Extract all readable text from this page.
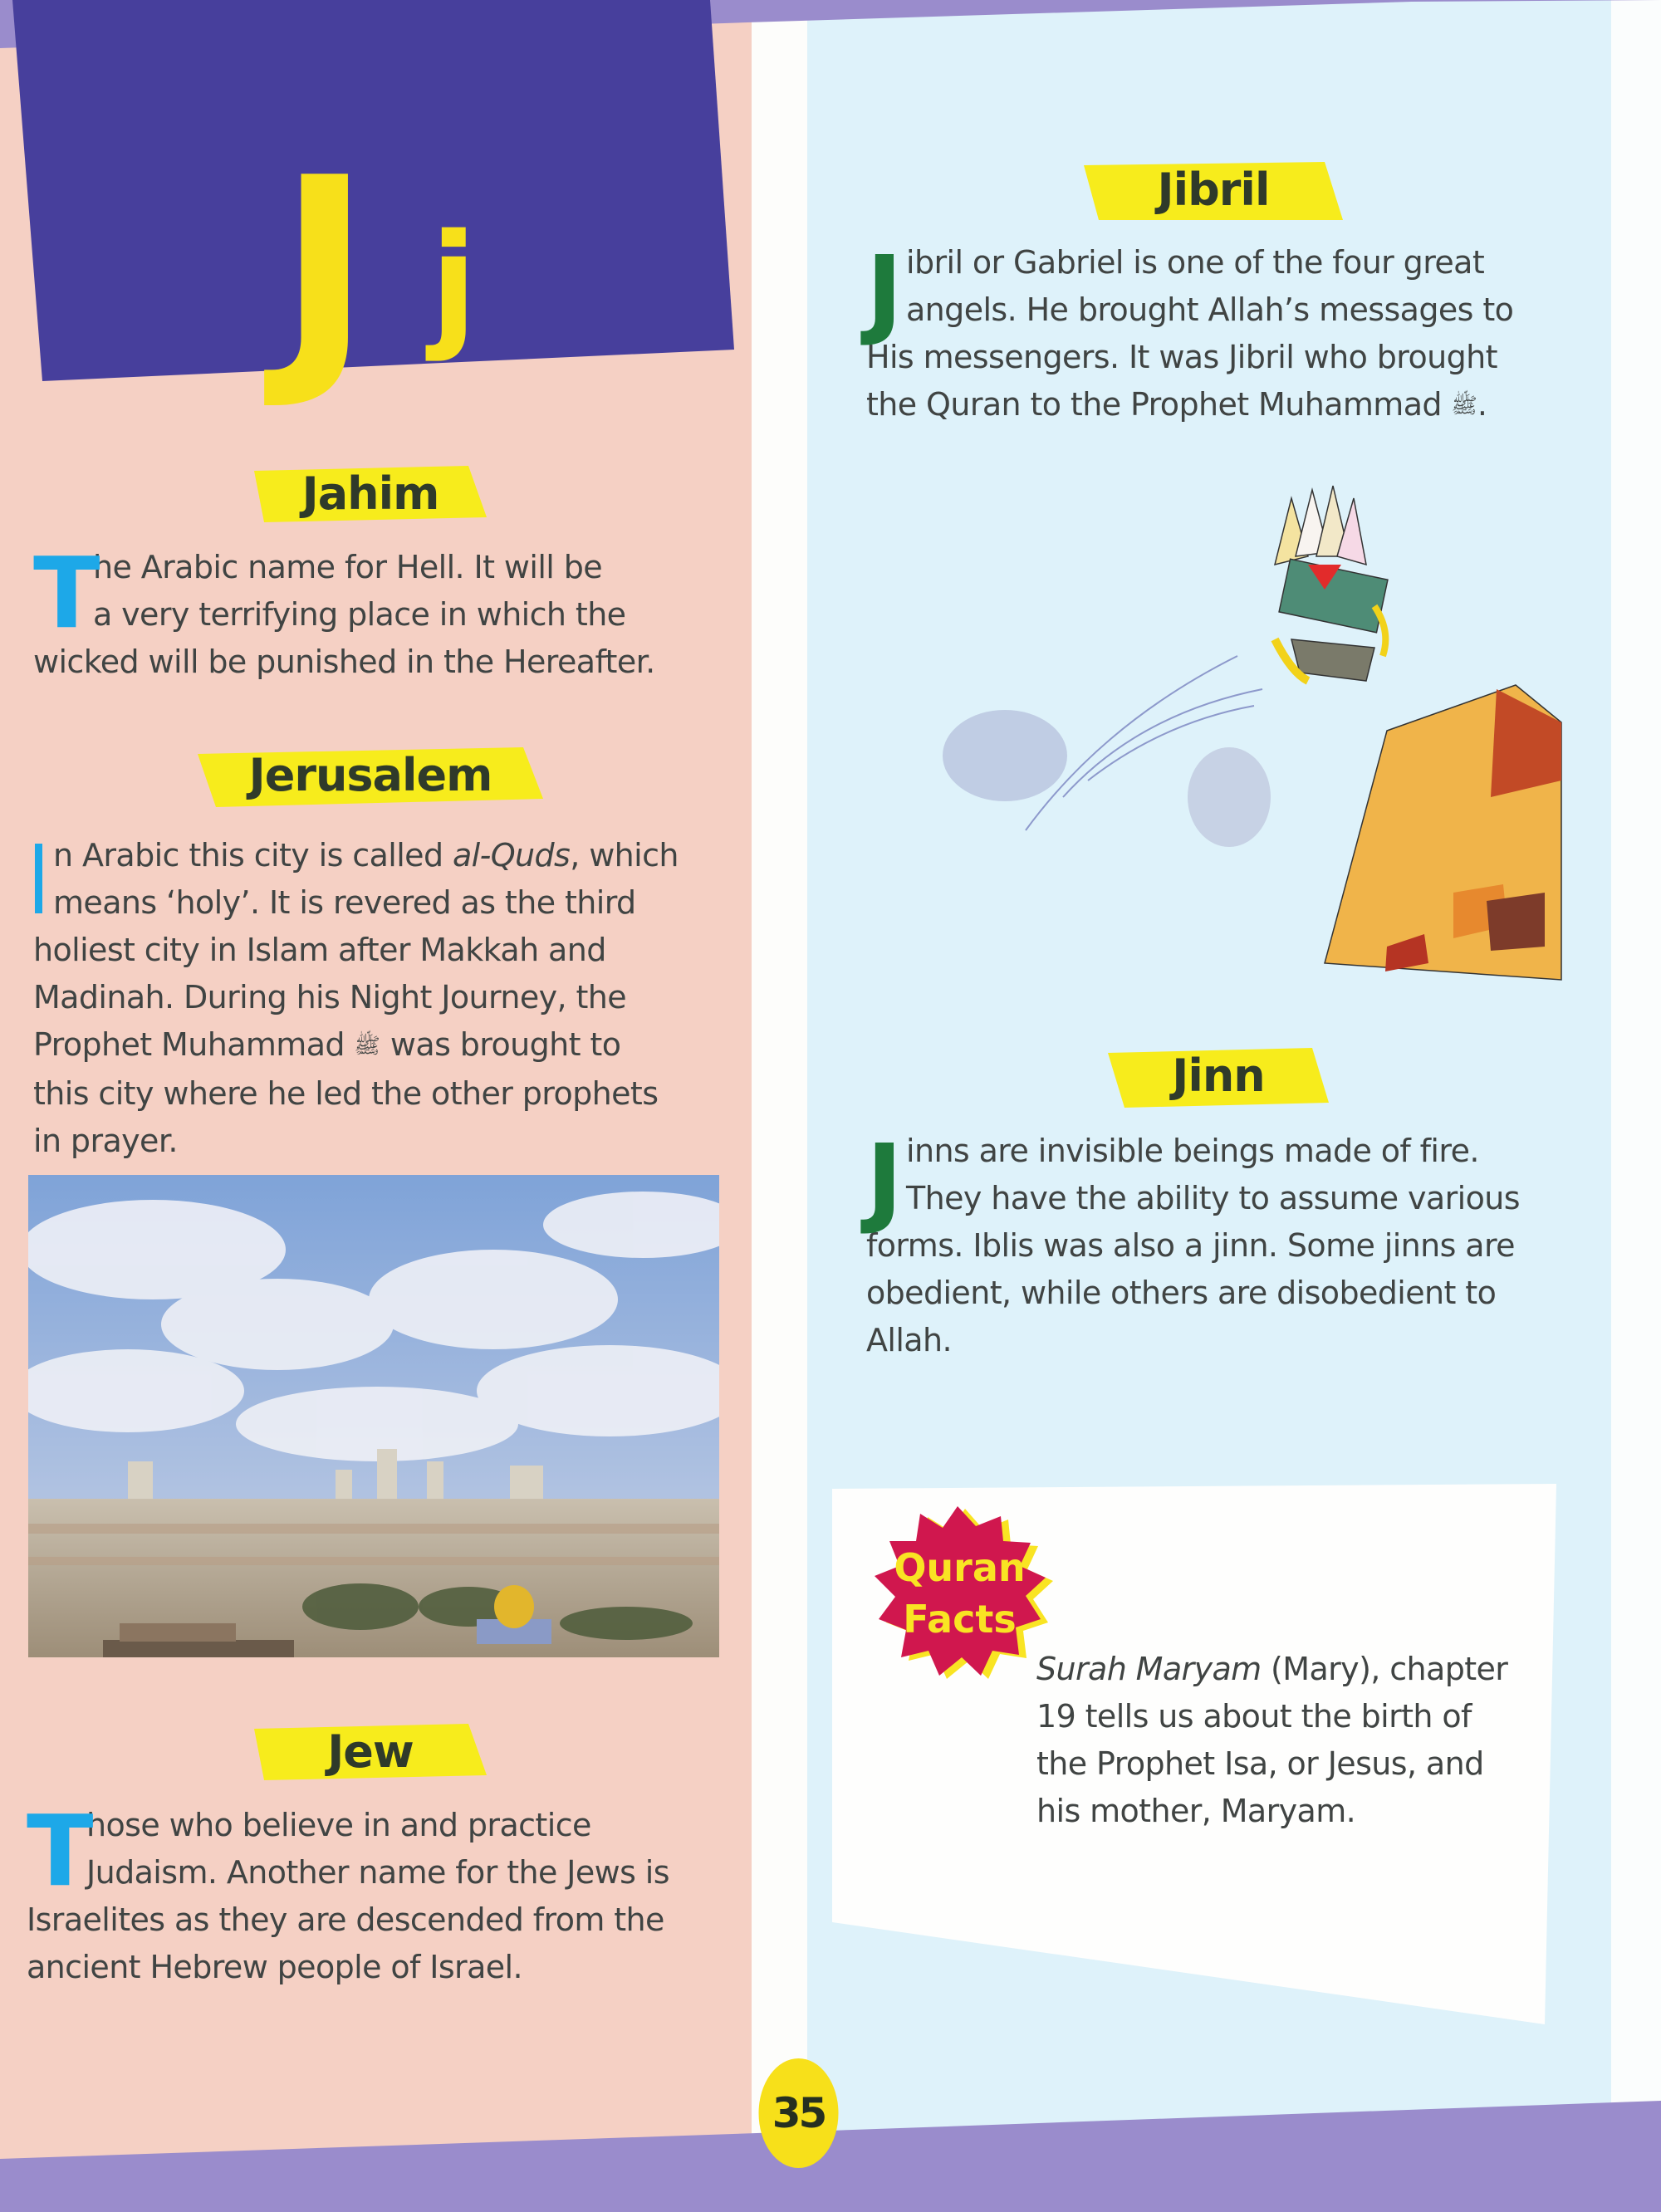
J j
Jahim
T

he Arabic name for Hell. It will be

a very terrifying place in which the

wicked will be punished in the Hereafter.

Jerusalem

n Arabic this city is called al-Quds, which

means ‘holy’. It is revered as the third

holiest city in Islam after Makkah and

Madinah. During his Night Journey, the

Prophet Muhammad ﷺ was brought to

this city where he led the other prophets

in prayer.

Jew
T

hose who believe in and practice

Judaism. Another name for the Jews is

Israelites as they are descended from the

ancient Hebrew people of Israel.

Jibril
J ibril or Gabriel is one of the four great

angels. He brought Allah’s messages to

His messengers. It was Jibril who brought

the Quran to the Prophet Muhammad ﷺ.

Jinn
J inns are invisible beings made of fire.

They have the ability to assume various

forms. Iblis was also a jinn. Some jinns are

obedient, while others are disobedient to

Allah.

Quran
Facts

Surah Maryam (Mary), chapter

19 tells us about the birth of

the Prophet Isa, or Jesus, and

his mother, Maryam.

35
